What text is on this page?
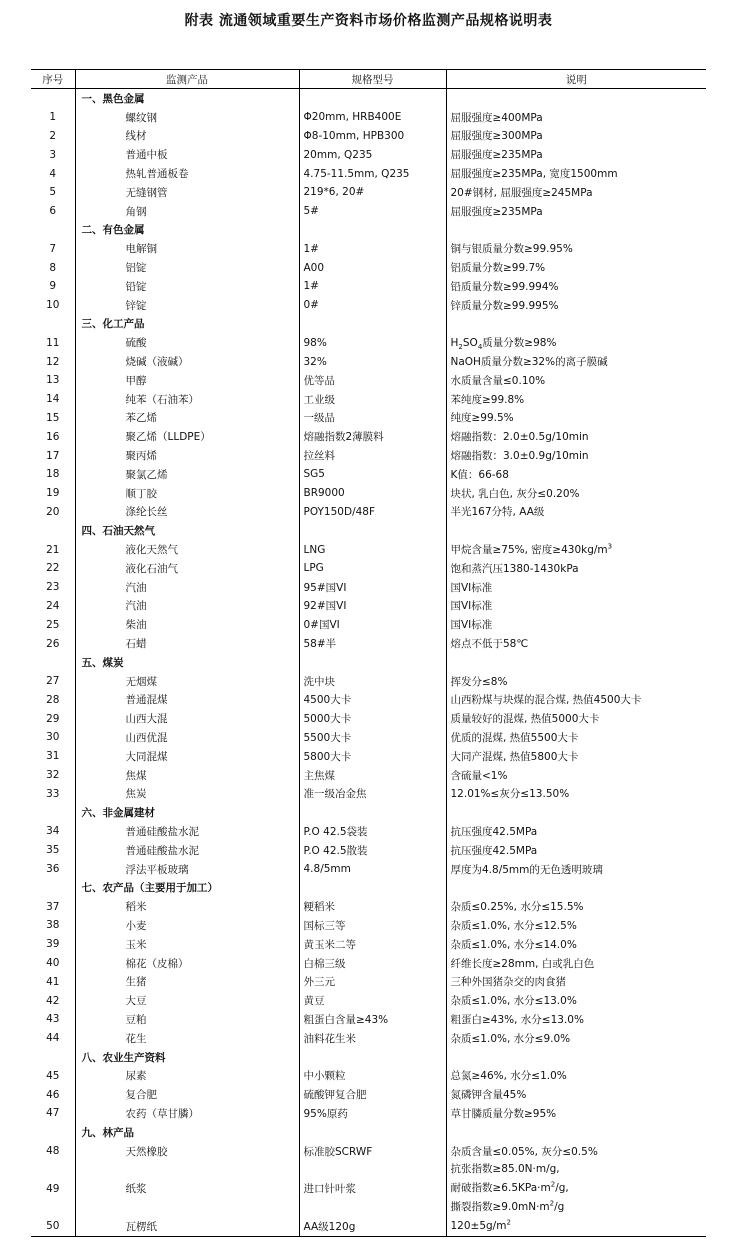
附表 流通领域重要生产资料市场价格监测产品规格说明表
序号	监测产品	规格型号	说明
	一、黑色金属		
1	螺纹钢	Φ20mm, HRB400E	屈服强度≥400MPa
2	线材	Φ8-10mm, HPB300	屈服强度≥300MPa
3	普通中板	20mm, Q235	屈服强度≥235MPa
4	热轧普通板卷	4.75-11.5mm, Q235	屈服强度≥235MPa, 宽度1500mm
5	无缝钢管	219*6, 20#	20#钢材, 屈服强度≥245MPa
6	角钢	5#	屈服强度≥235MPa
	二、有色金属		
7	电解铜	1#	铜与银质量分数≥99.95%
8	铝锭	A00	铝质量分数≥99.7%
9	铅锭	1#	铅质量分数≥99.994%
10	锌锭	0#	锌质量分数≥99.995%
	三、化工产品		
11	硫酸	98%	$H_2SO_4$质量分数≥98%
12	烧碱（液碱）	32%	NaOH质量分数≥32%的离子膜碱
13	甲醇	优等品	水质量含量≤0.10%
14	纯苯（石油苯）	工业级	苯纯度≥99.8%
15	苯乙烯	一级品	纯度≥99.5%
16	聚乙烯（LLDPE）	熔融指数2薄膜料	熔融指数：2.0±0.5g/10min
17	聚丙烯	拉丝料	熔融指数：3.0±0.9g/10min
18	聚氯乙烯	SG5	K值：66-68
19	顺丁胶	BR9000	块状, 乳白色, 灰分≤0.20%
20	涤纶长丝	POY150D/48F	半光167分特, AA级
	四、石油天然气		
21	液化天然气	LNG	甲烷含量≥75%, 密度$\ge 430kg/m^3$
22	液化石油气	LPG	饱和蒸汽压1380-1430kPa
23	汽油	95#国VI	国VI标准
24	汽油	92#国VI	国VI标准
25	柴油	0#国VI	国VI标准
26	石蜡	58#半	熔点不低于58℃
	五、煤炭		
27	无烟煤	洗中块	挥发分≤8%
28	普通混煤	4500大卡	山西粉煤与块煤的混合煤, 热值4500大卡
29	山西大混	5000大卡	质量较好的混煤, 热值5000大卡
30	山西优混	5500大卡	优质的混煤, 热值5500大卡
31	大同混煤	5800大卡	大同产混煤, 热值5800大卡
32	焦煤	主焦煤	含硫量<1%
33	焦炭	准一级冶金焦	12.01%≤灰分≤13.50%
	六、非金属建材		
34	普通硅酸盐水泥	P.O 42.5袋装	抗压强度42.5MPa
35	普通硅酸盐水泥	P.O 42.5散装	抗压强度42.5MPa
36	浮法平板玻璃	4.8/5mm	厚度为4.8/5mm的无色透明玻璃
	七、农产品（主要用于加工）		
37	稻米	粳稻米	杂质≤0.25%, 水分≤15.5%
38	小麦	国标三等	杂质≤1.0%, 水分≤12.5%
39	玉米	黄玉米二等	杂质≤1.0%, 水分≤14.0%
40	棉花（皮棉）	白棉三级	纤维长度≥28mm, 白或乳白色
41	生猪	外三元	三种外国猪杂交的肉食猪
42	大豆	黄豆	杂质≤1.0%, 水分≤13.0%
43	豆粕	粗蛋白含量≥43%	粗蛋白≥43%, 水分≤13.0%
44	花生	油料花生米	杂质≤1.0%, 水分≤9.0%
	八、农业生产资料		
45	尿素	中小颗粒	总氮≥46%, 水分≤1.0%
46	复合肥	硫酸钾复合肥	氮磷钾含量45%
47	农药（草甘膦）	95%原药	草甘膦质量分数≥95%
	九、林产品		
48	天然橡胶	标准胶SCRWF	杂质含量≤0.05%, 灰分≤0.5%
49	纸浆	进口针叶浆	抗张指数≥85.0N·m/g,
耐破指数$\ge 6.5KPa\cdot m^2/g$,
撕裂指数$\ge 9.0mN\cdot m^2/g$

50	瓦楞纸	AA级120g	$120\pm 5g/m^2$
